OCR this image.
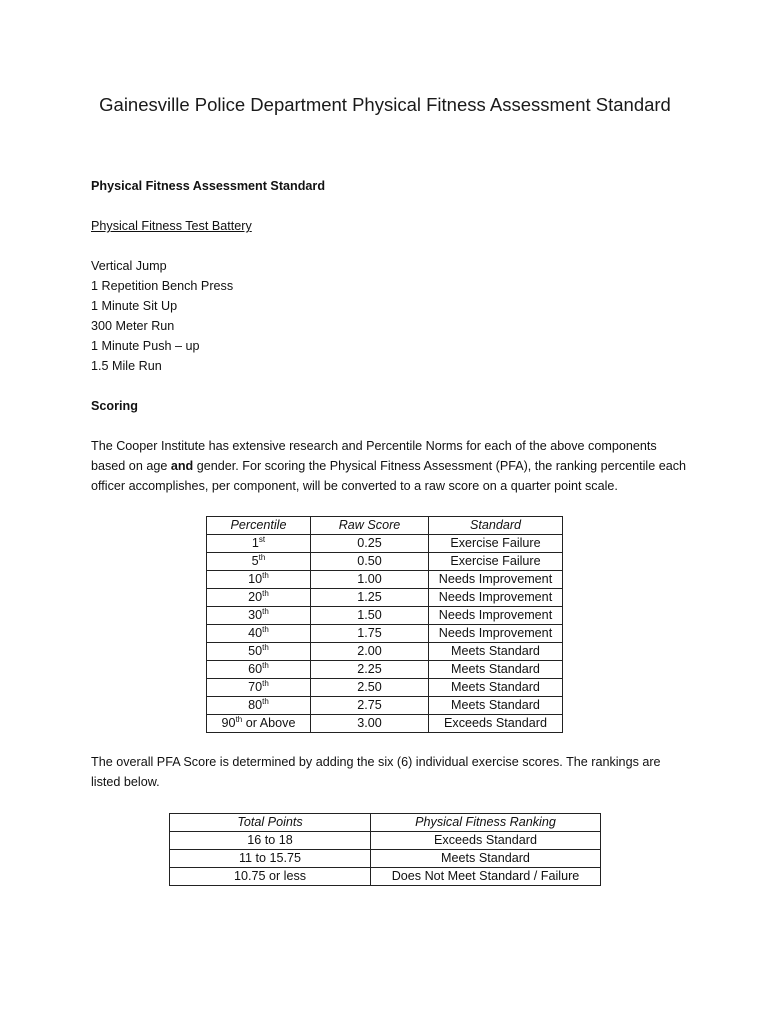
Gainesville Police Department Physical Fitness Assessment Standard
Physical Fitness Assessment Standard
Physical Fitness Test Battery
Vertical Jump
1 Repetition Bench Press
1 Minute Sit Up
300 Meter Run
1 Minute Push – up
1.5 Mile Run
Scoring
The Cooper Institute has extensive research and Percentile Norms for each of the above components based on age and gender. For scoring the Physical Fitness Assessment (PFA), the ranking percentile each officer accomplishes, per component, will be converted to a raw score on a quarter point scale.
Percentile	Raw Score	Standard
1st	0.25	Exercise Failure
5th	0.50	Exercise Failure
10th	1.00	Needs Improvement
20th	1.25	Needs Improvement
30th	1.50	Needs Improvement
40th	1.75	Needs Improvement
50th	2.00	Meets Standard
60th	2.25	Meets Standard
70th	2.50	Meets Standard
80th	2.75	Meets Standard
90th or Above	3.00	Exceeds Standard
The overall PFA Score is determined by adding the six (6) individual exercise scores. The rankings are listed below.
Total Points	Physical Fitness Ranking
16 to 18	Exceeds Standard
11 to 15.75	Meets Standard
10.75 or less	Does Not Meet Standard / Failure
